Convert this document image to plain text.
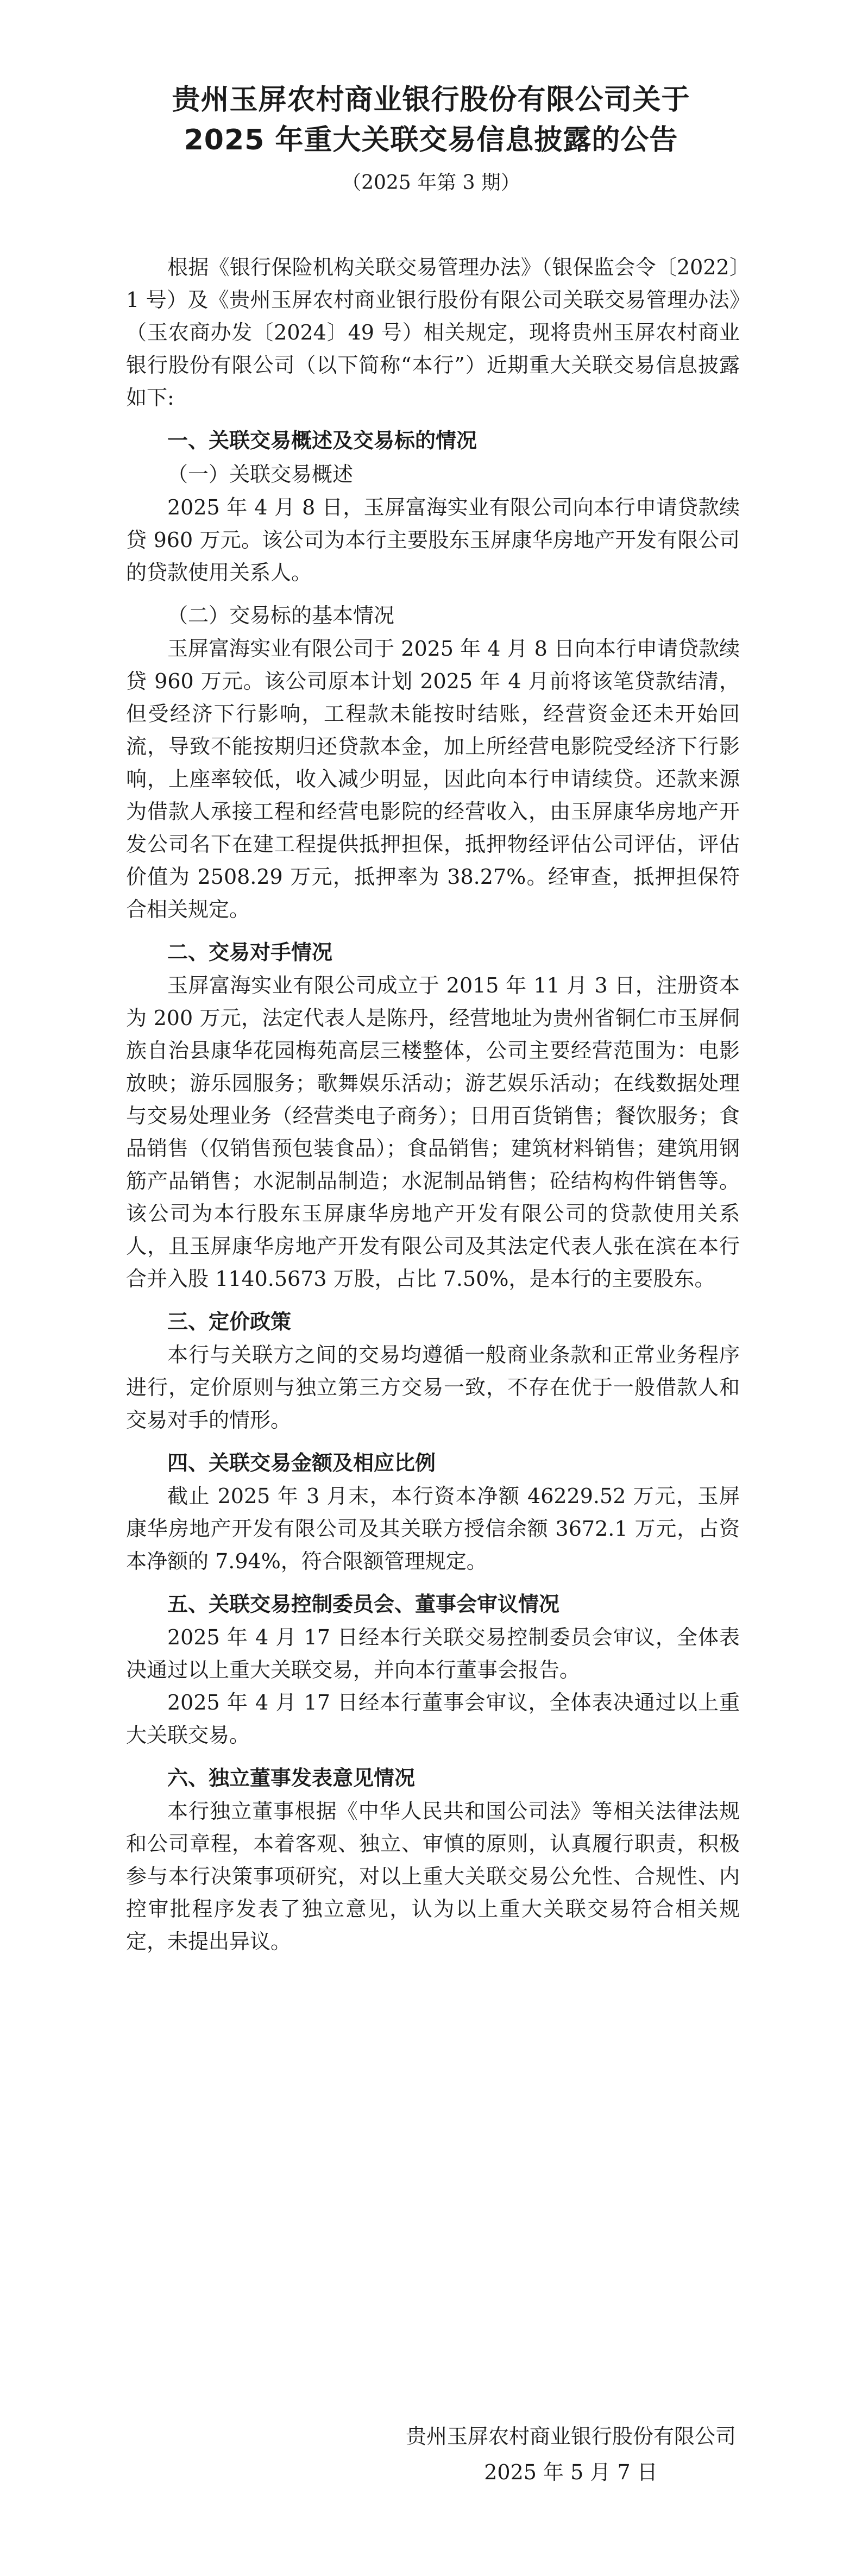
贵州玉屏农村商业银行股份有限公司关于
2025 年重大关联交易信息披露的公告
（2025 年第 3 期）

根据《银行保险机构关联交易管理办法》（银保监会令〔2022〕1 号）及《贵州玉屏农村商业银行股份有限公司关联交易管理办法》（玉农商办发〔2024〕49 号）相关规定，现将贵州玉屏农村商业银行股份有限公司（以下简称“本行”）近期重大关联交易信息披露如下:

一、关联交易概述及交易标的情况
（一）关联交易概述

2025 年 4 月 8 日，玉屏富海实业有限公司向本行申请贷款续贷 960 万元。该公司为本行主要股东玉屏康华房地产开发有限公司的贷款使用关系人。

（二）交易标的基本情况

玉屏富海实业有限公司于 2025 年 4 月 8 日向本行申请贷款续贷 960 万元。该公司原本计划 2025 年 4 月前将该笔贷款结清，但受经济下行影响，工程款未能按时结账，经营资金还未开始回流，导致不能按期归还贷款本金，加上所经营电影院受经济下行影响，上座率较低，收入减少明显，因此向本行申请续贷。还款来源为借款人承接工程和经营电影院的经营收入，由玉屏康华房地产开发公司名下在建工程提供抵押担保，抵押物经评估公司评估，评估价值为 2508.29 万元，抵押率为 38.27%。经审查，抵押担保符合相关规定。

二、交易对手情况

玉屏富海实业有限公司成立于 2015 年 11 月 3 日，注册资本为 200 万元，法定代表人是陈丹，经营地址为贵州省铜仁市玉屏侗族自治县康华花园梅苑高层三楼整体，公司主要经营范围为：电影放映；游乐园服务；歌舞娱乐活动；游艺娱乐活动；在线数据处理与交易处理业务（经营类电子商务）；日用百货销售；餐饮服务；食品销售（仅销售预包装食品）；食品销售；建筑材料销售；建筑用钢筋产品销售；水泥制品制造；水泥制品销售；砼结构构件销售等。该公司为本行股东玉屏康华房地产开发有限公司的贷款使用关系人，且玉屏康华房地产开发有限公司及其法定代表人张在滨在本行合并入股 1140.5673 万股，占比 7.50%，是本行的主要股东。

三、定价政策

本行与关联方之间的交易均遵循一般商业条款和正常业务程序进行，定价原则与独立第三方交易一致，不存在优于一般借款人和交易对手的情形。

四、关联交易金额及相应比例

截止 2025 年 3 月末，本行资本净额 46229.52 万元，玉屏康华房地产开发有限公司及其关联方授信余额 3672.1 万元，占资本净额的 7.94%，符合限额管理规定。

五、关联交易控制委员会、董事会审议情况

2025 年 4 月 17 日经本行关联交易控制委员会审议，全体表决通过以上重大关联交易，并向本行董事会报告。

2025 年 4 月 17 日经本行董事会审议，全体表决通过以上重大关联交易。

六、独立董事发表意见情况

本行独立董事根据《中华人民共和国公司法》等相关法律法规和公司章程，本着客观、独立、审慎的原则，认真履行职责，积极参与本行决策事项研究，对以上重大关联交易公允性、合规性、内控审批程序发表了独立意见，认为以上重大关联交易符合相关规定，未提出异议。

贵州玉屏农村商业银行股份有限公司
2025 年 5 月 7 日
